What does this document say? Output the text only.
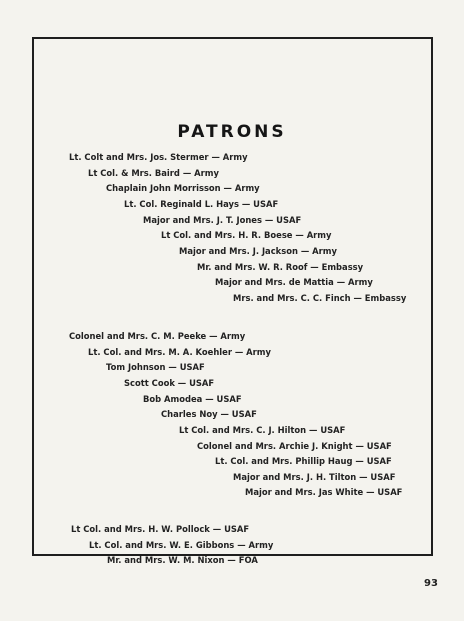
PATRONS
Lt. Colt and Mrs. Jos. Stermer — Army
Lt Col. & Mrs. Baird — Army
Chaplain John Morrisson — Army
Lt. Col. Reginald L. Hays — USAF
Major and Mrs. J. T. Jones — USAF
Lt Col. and Mrs. H. R. Boese — Army
Major and Mrs. J. Jackson — Army
Mr. and Mrs. W. R. Roof — Embassy
Major and Mrs. de Mattia — Army
Mrs. and Mrs. C. C. Finch — Embassy
Colonel and Mrs. C. M. Peeke — Army
Lt. Col. and Mrs. M. A. Koehler — Army
Tom Johnson — USAF
Scott Cook — USAF
Bob Amodea — USAF
Charles Noy — USAF
Lt Col. and Mrs. C. J. Hilton — USAF
Colonel and Mrs. Archie J. Knight — USAF
Lt. Col. and Mrs. Phillip Haug — USAF
Major and Mrs. J. H. Tilton — USAF
Major and Mrs. Jas White — USAF
Lt Col. and Mrs. H. W. Pollock — USAF
Lt. Col. and Mrs. W. E. Gibbons — Army
Mr. and Mrs. W. M. Nixon — FOA
93
